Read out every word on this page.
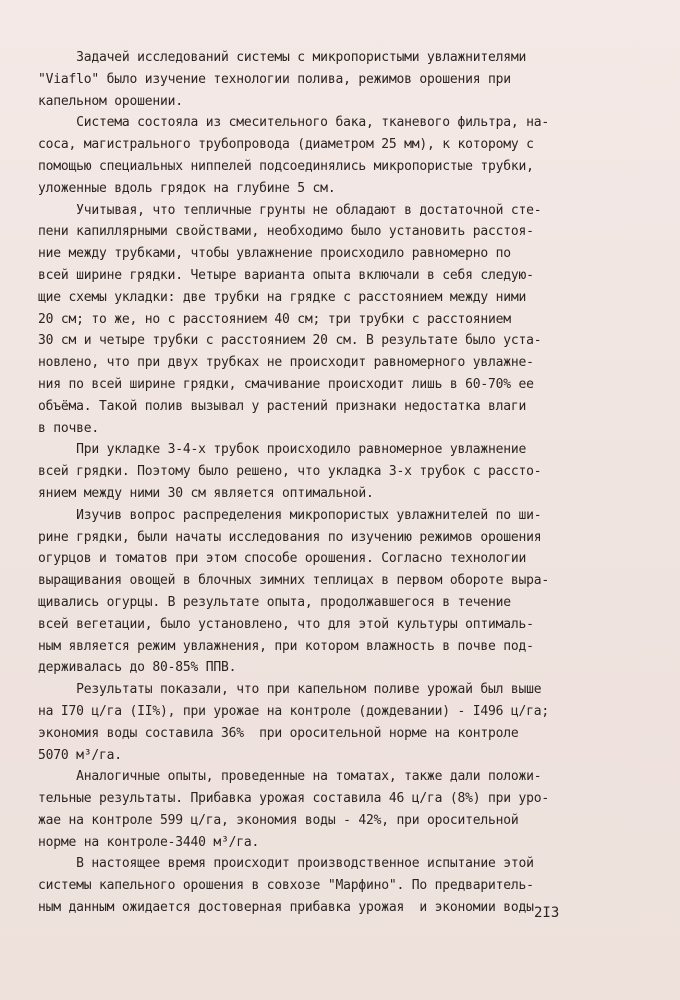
Задачей исследований системы с микропористыми увлажнителями
"Viaflo" было изучение технологии полива, режимов орошения при
капельном орошении.
Система состояла из смесительного бака, тканевого фильтра, на-
соса, магистрального трубопровода (диаметром 25 мм), к которому с
помощью специальных ниппелей подсоединялись микропористые трубки,
уложенные вдоль грядок на глубине 5 см.
Учитывая, что тепличные грунты не обладают в достаточной сте-
пени капиллярными свойствами, необходимо было установить расстоя-
ние между трубками, чтобы увлажнение происходило равномерно по
всей ширине грядки. Четыре варианта опыта включали в себя следую-
щие схемы укладки: две трубки на грядке с расстоянием между ними
20 см; то же, но с расстоянием 40 см; три трубки с расстоянием
30 см и четыре трубки с расстоянием 20 см. В результате было уста-
новлено, что при двух трубках не происходит равномерного увлажне-
ния по всей ширине грядки, смачивание происходит лишь в 60-70% ее
объёма. Такой полив вызывал у растений признаки недостатка влаги
в почве.
При укладке 3-4-х трубок происходило равномерное увлажнение
всей грядки. Поэтому было решено, что укладка 3-х трубок с рассто-
янием между ними 30 см является оптимальной.
Изучив вопрос распределения микропористых увлажнителей по ши-
рине грядки, были начаты исследования по изучению режимов орошения
огурцов и томатов при этом способе орошения. Согласно технологии
выращивания овощей в блочных зимних теплицах в первом обороте выра-
щивались огурцы. В результате опыта, продолжавшегося в течение
всей вегетации, было установлено, что для этой культуры оптималь-
ным является режим увлажнения, при котором влажность в почве под-
держивалась до 80-85% ППВ.
Результаты показали, что при капельном поливе урожай был выше
на I70 ц/га (II%), при урожае на контроле (дождевании) - I496 ц/га;
экономия воды составила 36%  при оросительной норме на контроле
5070 м³/га.
Аналогичные опыты, проведенные на томатах, также дали положи-
тельные результаты. Прибавка урожая составила 46 ц/га (8%) при уро-
жае на контроле 599 ц/га, экономия воды - 42%, при оросительной
норме на контроле-3440 м³/га.
В настоящее время происходит производственное испытание этой
системы капельного орошения в совхозе "Марфино". По предваритель-
ным данным ожидается достоверная прибавка урожая  и экономии воды 2I3
